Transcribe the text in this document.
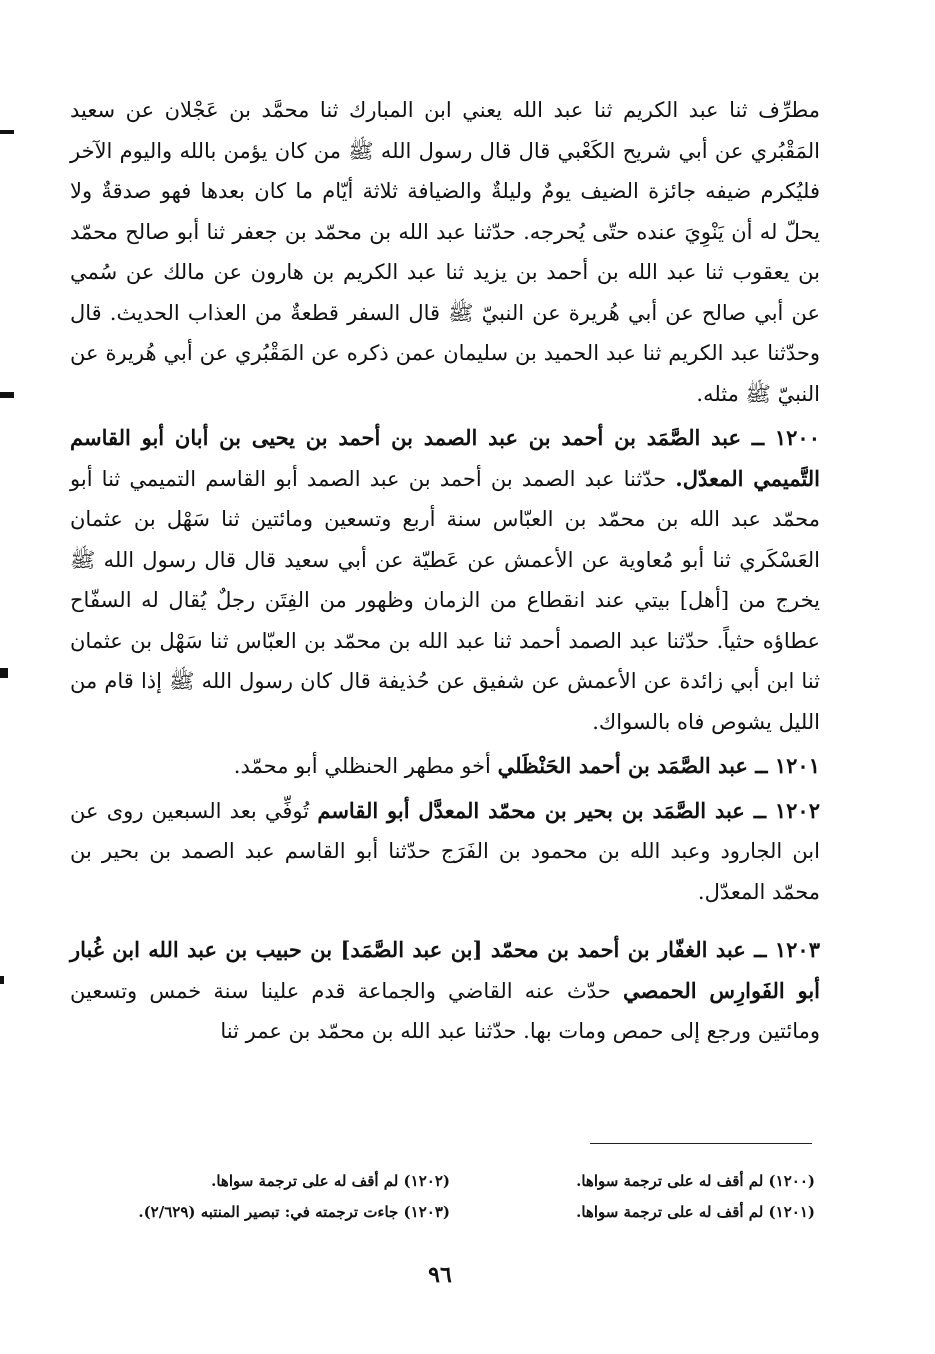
مطرِّف ثنا عبد الكريم ثنا عبد الله يعني ابن المبارك ثنا محمَّد بن عَجْلان عن سعيد المَقْبُري عن أبي شريح الكَعْبي قال قال رسول الله ﷺ من كان يؤمن بالله واليوم الآخر فليُكرم ضيفه جائزة الضيف يومٌ وليلةٌ والضيافة ثلاثة أيّام ما كان بعدها فهو صدقةٌ ولا يحلّ له أن يَنْوِيَ عنده حتّى يُحرجه. حدّثنا عبد الله بن محمّد بن جعفر ثنا أبو صالح محمّد بن يعقوب ثنا عبد الله بن أحمد بن يزيد ثنا عبد الكريم بن هارون عن مالك عن سُمي عن أبي صالح عن أبي هُريرة عن النبيّ ﷺ قال السفر قطعةٌ من العذاب الحديث. قال وحدّثنا عبد الكريم ثنا عبد الحميد بن سليمان عمن ذكره عن المَقْبُري عن أبي هُريرة عن النبيّ ﷺ مثله.

١٢٠٠ ــ عبد الصَّمَد بن أحمد بن عبد الصمد بن أحمد بن يحيى بن أبان أبو القاسم التَّميمي المعدّل. حدّثنا عبد الصمد بن أحمد بن عبد الصمد أبو القاسم التميمي ثنا أبو محمّد عبد الله بن محمّد بن العبّاس سنة أربع وتسعين ومائتين ثنا سَهْل بن عثمان العَسْكَري ثنا أبو مُعاوية عن الأعمش عن عَطيّة عن أبي سعيد قال قال رسول الله ﷺ يخرج من [أهل] بيتي عند انقطاع من الزمان وظهور من الفِتَن رجلٌ يُقال له السفّاح عطاؤه حثياً. حدّثنا عبد الصمد أحمد ثنا عبد الله بن محمّد بن العبّاس ثنا سَهْل بن عثمان ثنا ابن أبي زائدة عن الأعمش عن شفيق عن حُذيفة قال كان رسول الله ﷺ إذا قام من الليل يشوص فاه بالسواك.

١٢٠١ ــ عبد الصَّمَد بن أحمد الحَنْظَلي أخو مطهر الحنظلي أبو محمّد.

١٢٠٢ ــ عبد الصَّمَد بن بحير بن محمّد المعدَّل أبو القاسم تُوفِّي بعد السبعين روى عن ابن الجارود وعبد الله بن محمود بن الفَرَج حدّثنا أبو القاسم عبد الصمد بن بحير بن محمّد المعدّل.

١٢٠٣ ــ عبد الغفّار بن أحمد بن محمّد [بن عبد الصَّمَد] بن حبيب بن عبد الله ابن غُبار أبو الفَوارِس الحمصي حدّث عنه القاضي والجماعة قدم علينا سنة خمس وتسعين ومائتين ورجع إلى حمص ومات بها. حدّثنا عبد الله بن محمّد بن عمر ثنا

(١٢٠٠) لم أقف له على ترجمة سواها.
(١٢٠١) لم أقف له على ترجمة سواها.
(١٢٠٢) لم أقف له على ترجمة سواها.
(١٢٠٣) جاءت ترجمته في: تبصير المنتبه (٢/٦٢٩).
٩٦
